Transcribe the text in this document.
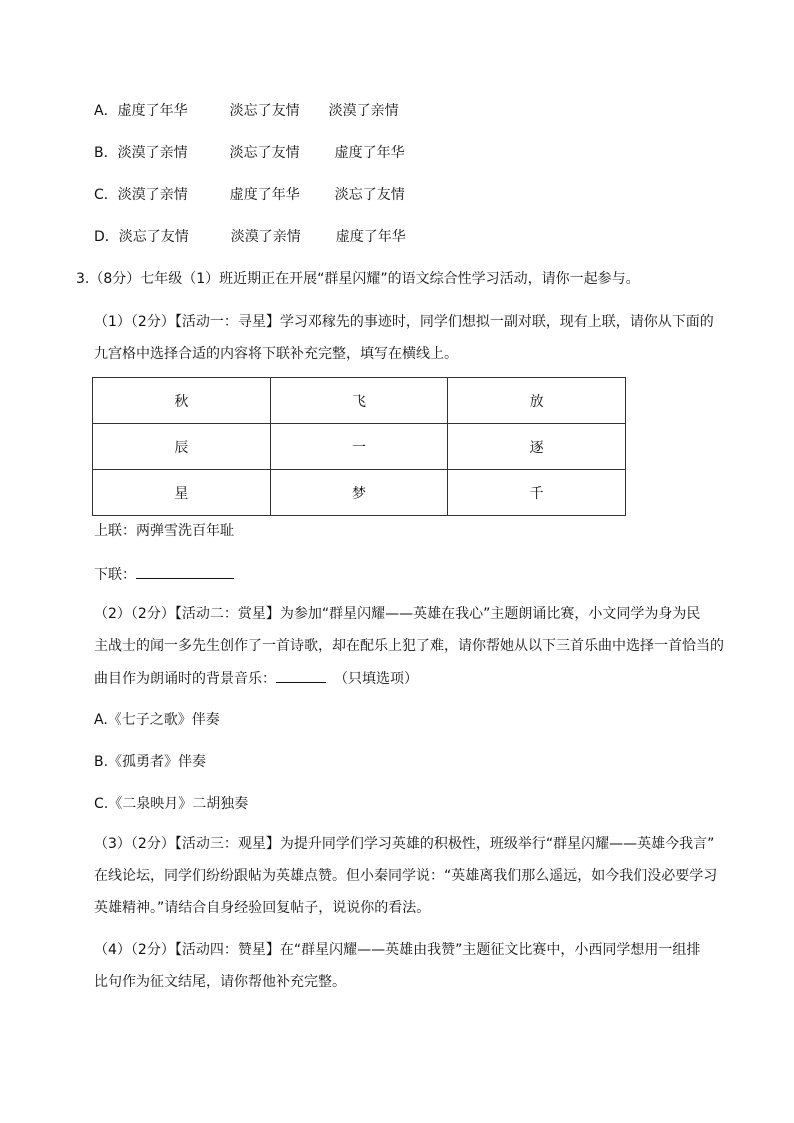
A．虚度了年华	淡忘了友情 淡漠了亲情
B．淡漠了亲情	淡忘了友情	虚度了年华
C．淡漠了亲情	虚度了年华	淡忘了友情
D．淡忘了友情	淡漠了亲情	虚度了年华
3.（8分）七年级（1）班近期正在开展“群星闪耀”的语文综合性学习活动，请你一起参与。
（1）（2分）【活动一：寻星】学习邓稼先的事迹时，同学们想拟一副对联，现有上联，请你从下面的
九宫格中选择合适的内容将下联补充完整，填写在横线上。
秋	飞	放
辰	一	逐
星	梦	千
上联：两弹雪洗百年耻
下联：
（2）（2分）【活动二：赏星】为参加“群星闪耀——英雄在我心”主题朗诵比赛，小文同学为身为民
主战士的闻一多先生创作了一首诗歌，却在配乐上犯了难，请你帮她从以下三首乐曲中选择一首恰当的
曲目作为朗诵时的背景音乐：	（只填选项）
A.《七子之歌》伴奏
B.《孤勇者》伴奏
C.《二泉映月》二胡独奏
（3）（2分）【活动三：观星】为提升同学们学习英雄的积极性，班级举行“群星闪耀——英雄今我言”
在线论坛，同学们纷纷跟帖为英雄点赞。但小秦同学说：“英雄离我们那么遥远，如今我们没必要学习
英雄精神。”请结合自身经验回复帖子，说说你的看法。
（4）（2分）【活动四：赞星】在“群星闪耀——英雄由我赞”主题征文比赛中，小西同学想用一组排
比句作为征文结尾，请你帮他补充完整。
